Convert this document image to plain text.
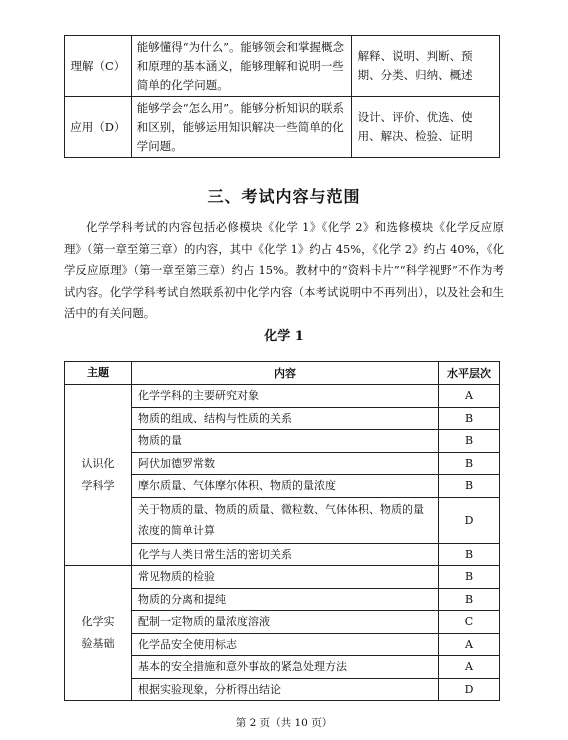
理解（C）	能够懂得“为什么”。能够领会和掌握概念和原理的基本涵义，能够理解和说明一些简单的化学问题。	解释、说明、判断、预期、分类、归纳、概述
应用（D）	能够学会“怎么用”。能够分析知识的联系和区别，能够运用知识解决一些简单的化学问题。	设计、评价、优选、使用、解决、检验、证明
三、考试内容与范围

化学学科考试的内容包括必修模块《化学 1》《化学 2》和选修模块《化学反应原理》（第一章至第三章）的内容，其中《化学 1》约占 45%，《化学 2》约占 40%，《化学反应原理》（第一章至第三章）约占 15%。教材中的“资料卡片”“科学视野”不作为考试内容。化学学科考试自然联系初中化学内容（本考试说明中不再列出），以及社会和生活中的有关问题。

化学 1
主题	内容	水平层次

认识化学科学	化学学科的主要研究对象	A
	物质的组成、结构与性质的关系	B
	物质的量	B
	阿伏加德罗常数	B
	摩尔质量、气体摩尔体积、物质的量浓度	B
	关于物质的量、物质的质量、微粒数、气体体积、物质的量浓度的简单计算	D
	化学与人类日常生活的密切关系	B

化学实验基础	常见物质的检验	B
	物质的分离和提纯	B
	配制一定物质的量浓度溶液	C
	化学品安全使用标志	A
	基本的安全措施和意外事故的紧急处理方法	A
	根据实验现象，分析得出结论	D
第 2 页（共 10 页）
